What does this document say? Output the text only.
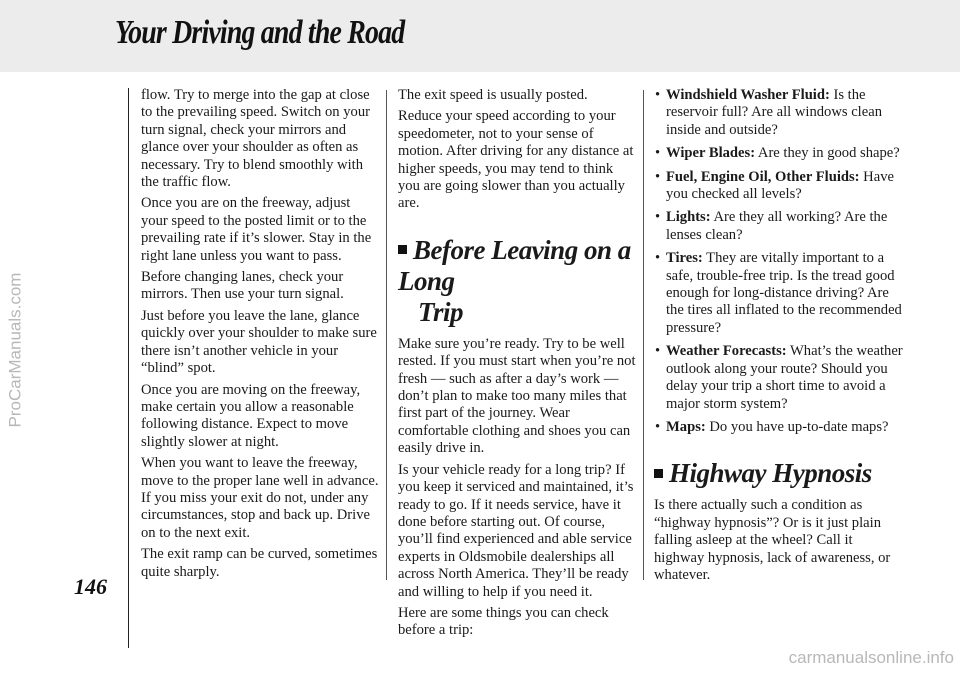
Your Driving and the Road
ProCarManuals.com
146

flow. Try to merge into the gap at close to the prevailing speed. Switch on your turn signal, check your mirrors and glance over your shoulder as often as necessary. Try to blend smoothly with the traffic flow.

Once you are on the freeway, adjust your speed to the posted limit or to the prevailing rate if it’s slower. Stay in the right lane unless you want to pass.

Before changing lanes, check your mirrors. Then use your turn signal.

Just before you leave the lane, glance quickly over your shoulder to make sure there isn’t another vehicle in your “blind” spot.

Once you are moving on the freeway, make certain you allow a reasonable following distance. Expect to move slightly slower at night.

When you want to leave the freeway, move to the proper lane well in advance. If you miss your exit do not, under any circumstances, stop and back up. Drive on to the next exit.

The exit ramp can be curved, sometimes quite sharply.

The exit speed is usually posted.

Reduce your speed according to your speedometer, not to your sense of motion. After driving for any distance at higher speeds, you may tend to think you are going slower than you actually are.

Before Leaving on a Long
Trip

Make sure you’re ready. Try to be well rested. If you must start when you’re not fresh — such as after a day’s work — don’t plan to make too many miles that first part of the journey. Wear comfortable clothing and shoes you can easily drive in.

Is your vehicle ready for a long trip? If you keep it serviced and maintained, it’s ready to go. If it needs service, have it done before starting out. Of course, you’ll find experienced and able service experts in Oldsmobile dealerships all across North America. They’ll be ready and willing to help if you need it.

Here are some things you can check before a trip:

• Windshield Washer Fluid: Is the reservoir full? Are all windows clean inside and outside?
• Wiper Blades: Are they in good shape?
• Fuel, Engine Oil, Other Fluids: Have you checked all levels?
• Lights: Are they all working? Are the lenses clean?
• Tires: They are vitally important to a safe, trouble-free trip. Is the tread good enough for long-distance driving? Are the tires all inflated to the recommended pressure?
• Weather Forecasts: What’s the weather outlook along your route? Should you delay your trip a short time to avoid a major storm system?
• Maps: Do you have up-to-date maps?
Highway Hypnosis

Is there actually such a condition as “highway hypnosis”? Or is it just plain falling asleep at the wheel? Call it highway hypnosis, lack of awareness, or whatever.

carmanualsonline.info
